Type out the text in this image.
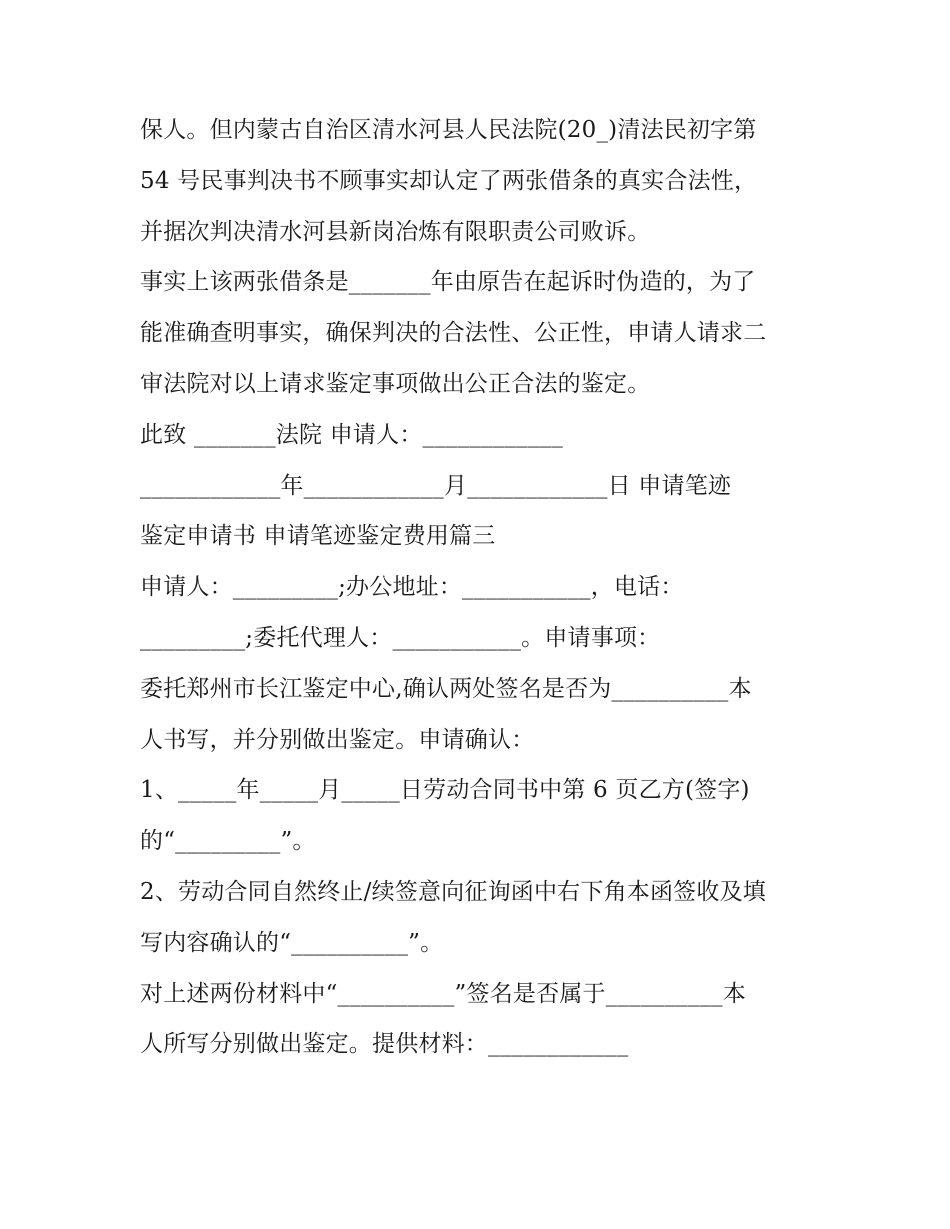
保人。但内蒙古自治区清水河县人民法院(20_)清法民初字第
54 号民事判决书不顾事实却认定了两张借条的真实合法性，
并据次判决清水河县新岗冶炼有限职责公司败诉。
事实上该两张借条是_______年由原告在起诉时伪造的，为了
能准确查明事实，确保判决的合法性、公正性，申请人请求二
审法院对以上请求鉴定事项做出公正合法的鉴定。
此致 _______法院 申请人：____________
____________年____________月____________日 申请笔迹
鉴定申请书 申请笔迹鉴定费用篇三
申请人：_________;办公地址：___________，电话：
_________;委托代理人：___________。申请事项：
委托郑州市长江鉴定中心,确认两处签名是否为__________本
人书写，并分别做出鉴定。申请确认：
1、_____年_____月_____日劳动合同书中第 6 页乙方(签字)
的“_________”。
2、劳动合同自然终止/续签意向征询函中右下角本函签收及填
写内容确认的“__________”。
对上述两份材料中“__________”签名是否属于__________本
人所写分别做出鉴定。提供材料：____________
